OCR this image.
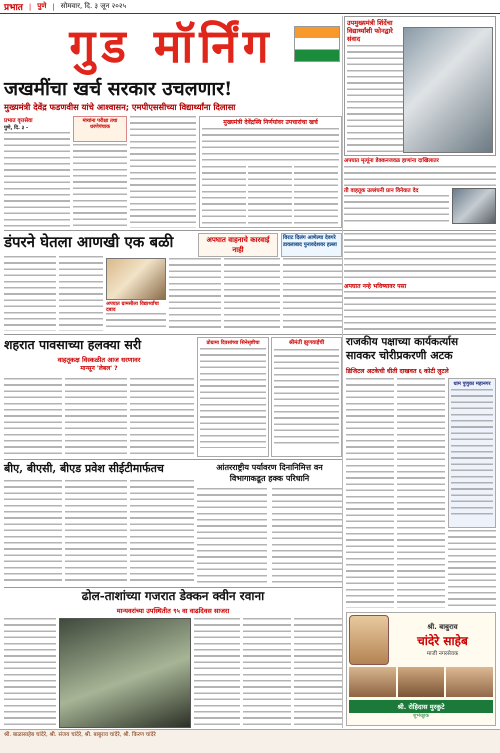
प्रभात | पुणे | सोमवार, दि. ३ जून २०२५
गुड मॉर्निंग	उपमुख्यमंत्री शिंदेंचा विद्यार्थ्यांशी फोनद्वारे संवाद
जखमींचा खर्च सरकार उचलणार!
मुख्यमंत्री देवेंद्र फडणवीस यांचे आश्वासन; एमपीएससीच्या विद्यार्थ्यांना दिलासा
प्रभात वृत्तसेवा
पुणे, दि. ३ -
मंत्र्यांना परीक्षा तथा धरणेपंचाक
मुख्यमंत्री देवेंद्रस्वि निर्णयांवर उपचारांचा खर्च
अपघात मृत्यूंना डेक्कनजवळ हाणांना दाखिलातर
ती वाहतूक उल्लंघनी प्रान विनेवात देद
डंपरने घेतला आणखी एक बळी	अपघात वाहनाचे कारवाई नाही
विराट दिलंग आणेल्या देवगरे डावलाबाद पुनावदेशवर हल्ला
अपघात नन्हे भविष्यावर पसा
अपघात ग्रामसीला विद्यार्थ्यांचा दबाव
शहरात पावसाच्या हलक्या सरी
वाहतूकक्ष विस्कळीत आज धरणावर
मान्सून 'लेबल' ?
प्रोग्रामा दिवसांच्या सिनेसृष्टीचा	श्रीमंती झुणवाईची	राजकीय पक्षाच्या कार्यकर्त्यास
सावकर चोरीप्रकरणी अटक
डिजिटल अटकेची धीती दाखवत ६ कोटी लुटले
धाम पुणुका महानगर
बीए, बीएसी, बीएड प्रवेश सीईटीमार्फतच	आंतरराष्ट्रीय पर्यावरण दिनानिमित्त वन विभागाकडूत हक्क परिधानि
ढोल-ताशांच्या गजरात डेक्कन क्वीन रवाना
मान्यवरांच्या उपस्थितीत ९५ वा वाढदिवस साजरा
श्री. बाबुराव
चांदेरे साहेब
माजी नगरसेवक
श्री. रोहिदास मुरकुटे
शुभेच्छुक
श्री. बाळासाहेब चांदेरे, श्री. संजय चांदेरे, श्री. बाबुराव चांदेरे, श्री. किरण चांदेरे
